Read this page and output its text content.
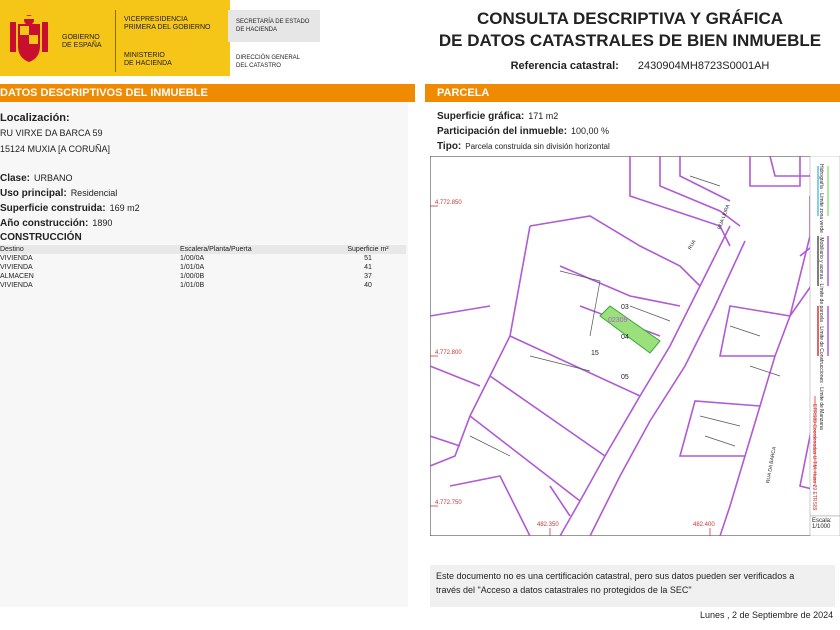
GOBIERNO
DE ESPAÑA
VICEPRESIDENCIA
PRIMERA DEL GOBIERNO
MINISTERIO
DE HACIENDA
SECRETARÍA DE ESTADO
DE HACIENDA
DIRECCIÓN GENERAL
DEL CATASTRO
CONSULTA DESCRIPTIVA Y GRÁFICA
DE DATOS CATASTRALES DE BIEN INMUEBLE
Referencia catastral: 2430904MH8723S0001AH
DATOS DESCRIPTIVOS DEL INMUEBLE
Localización:
RU VIRXE DA BARCA 59
15124 MUXIA [A CORUÑA]
Clase: URBANO
Uso principal: Residencial
Superficie construida: 169 m2
Año construcción: 1890
CONSTRUCCIÓN
Destino	Escalera/Planta/Puerta	Superficie m²
VIVIENDA	1/00/0A	51
VIVIENDA	1/01/0A	41
ALMACEN	1/00/0B	37
VIVIENDA	1/01/0B	40
PARCELA
Superficie gráfica: 171 m2
Participación del inmueble: 100,00 %
Tipo: Parcela construida sin división horizontal
4.772.850
4.772.800
4.772.750
482.350	482.400
03
04
15
05
02309
RUA
RUA DA BARCA
RUA LEIRA
Hidrografía · Límite zona verde · Mobiliario y aceras · Límite de parcela · Límite de Construcciones · Límite de Manzana
ETRS89 Coordenadas U.T.M. Huso 29 ETRS89
Escala:
1/1000
Este documento no es una certificación catastral, pero sus datos pueden ser verificados a
través del "Acceso a datos catastrales no protegidos de la SEC"
Lunes , 2 de Septiembre de 2024
